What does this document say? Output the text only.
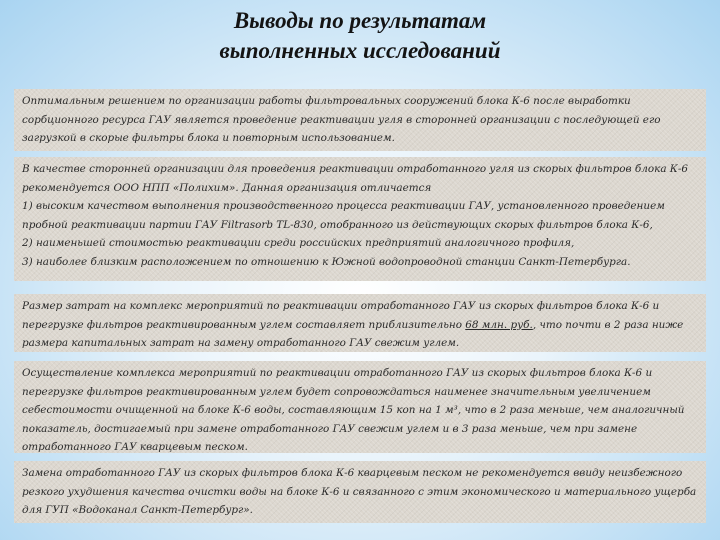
Выводы по результатам
выполненных исследований

Оптимальным решением по организации работы фильтровальных сооружений блока К-6 после выработки сорбционного ресурса ГАУ является проведение реактивации угля в сторонней организации с последующей его загрузкой в скорые фильтры блока и повторным использованием.

В качестве сторонней организации для проведения реактивации отработанного угля из скорых фильтров блока К-6 рекомендуется ООО НПП «Полихим». Данная организация отличается

1) высоким качеством выполнения производственного процесса реактивации ГАУ, установленного проведением пробной реактивации партии ГАУ Filtrasorb TL-830, отобранного из действующих скорых фильтров блока К-6,

2) наименьшей стоимостью реактивации среди российских предприятий аналогичного профиля,

3) наиболее близким расположением по отношению к Южной водопроводной станции Санкт-Петербурга.

Размер затрат на комплекс мероприятий по реактивации отработанного ГАУ из скорых фильтров блока К-6 и перегрузке фильтров реактивированным углем составляет приблизительно 68 млн. руб., что почти в 2 раза ниже размера капитальных затрат на замену отработанного ГАУ свежим углем.

Осуществление комплекса мероприятий по реактивации отработанного ГАУ из скорых фильтров блока К-6 и перегрузке фильтров реактивированным углем будет сопровождаться наименее значительным увеличением себестоимости очищенной на блоке К-6 воды, составляющим 15 коп на 1 м³, что в 2 раза меньше, чем аналогичный показатель, достигаемый при замене отработанного ГАУ свежим углем и в 3 раза меньше, чем при замене отработанного ГАУ кварцевым песком.

Замена отработанного ГАУ из скорых фильтров блока К-6 кварцевым песком не рекомендуется ввиду неизбежного резкого ухудшения качества очистки воды на блоке К-6 и связанного с этим экономического и материального ущерба для ГУП «Водоканал Санкт-Петербург».
